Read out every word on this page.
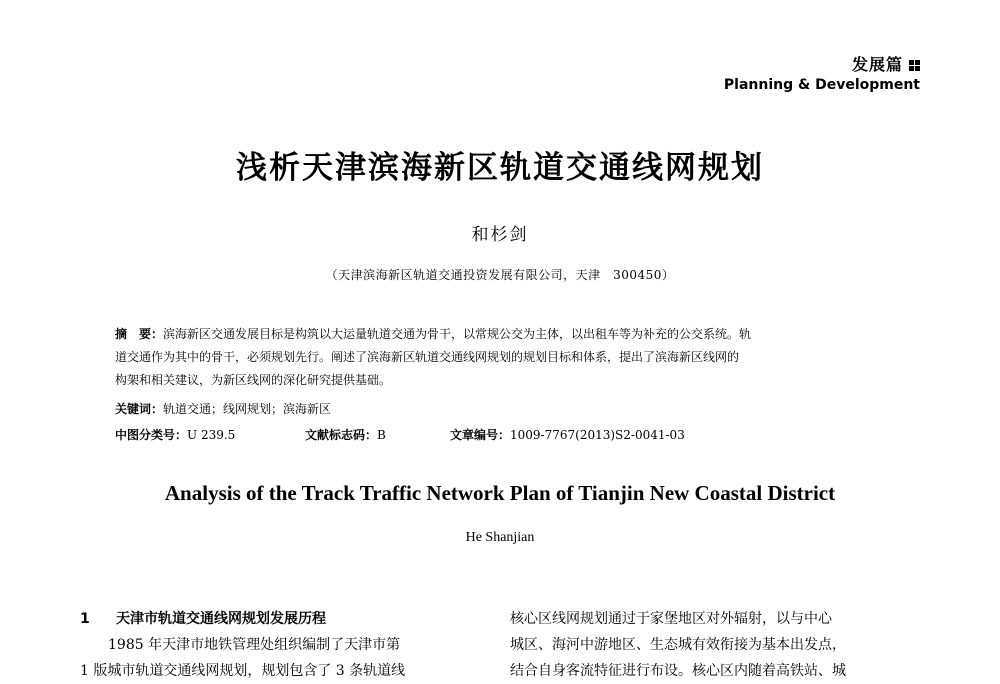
发展篇
Planning & Development
浅析天津滨海新区轨道交通线网规划
和杉剑
（天津滨海新区轨道交通投资发展有限公司，天津　300450）
摘　要：滨海新区交通发展目标是构筑以大运量轨道交通为骨干，以常规公交为主体，以出租车等为补充的公交系统。轨
道交通作为其中的骨干，必须规划先行。阐述了滨海新区轨道交通线网规划的规划目标和体系，提出了滨海新区线网的
构架和相关建议，为新区线网的深化研究提供基础。
关键词：轨道交通；线网规划；滨海新区
中图分类号：U 239.5	文献标志码：B	文章编号：1009-7767(2013)S2-0041-03
Analysis of the Track Traffic Network Plan of Tianjin New Coastal District
He Shanjian
1 天津市轨道交通线网规划发展历程
1985 年天津市地铁管理处组织编制了天津市第
1 版城市轨道交通线网规划，规划包含了 3 条轨道线
核心区线网规划通过于家堡地区对外辐射，以与中心
城区、海河中游地区、生态城有效衔接为基本出发点，
结合自身客流特征进行布设。核心区内随着高铁站、城
